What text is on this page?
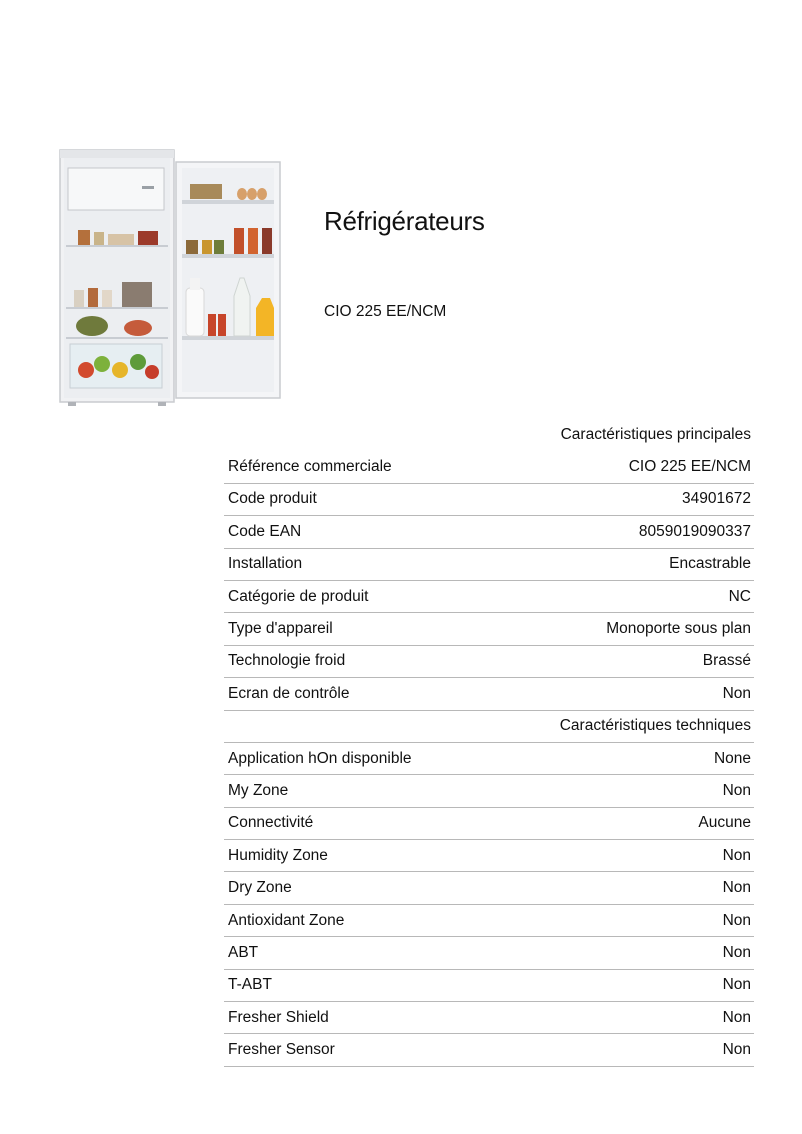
Réfrigérateurs
CIO 225 EE/NCM
Caractéristiques principales
Référence commerciale	CIO 225 EE/NCM
Code produit	34901672
Code EAN	8059019090337
Installation	Encastrable
Catégorie de produit	NC
Type d'appareil	Monoporte sous plan
Technologie froid	Brassé
Ecran de contrôle	Non
Caractéristiques techniques
Application hOn disponible	None
My Zone	Non
Connectivité	Aucune
Humidity Zone	Non
Dry Zone	Non
Antioxidant Zone	Non
ABT	Non
T-ABT	Non
Fresher Shield	Non
Fresher Sensor	Non
